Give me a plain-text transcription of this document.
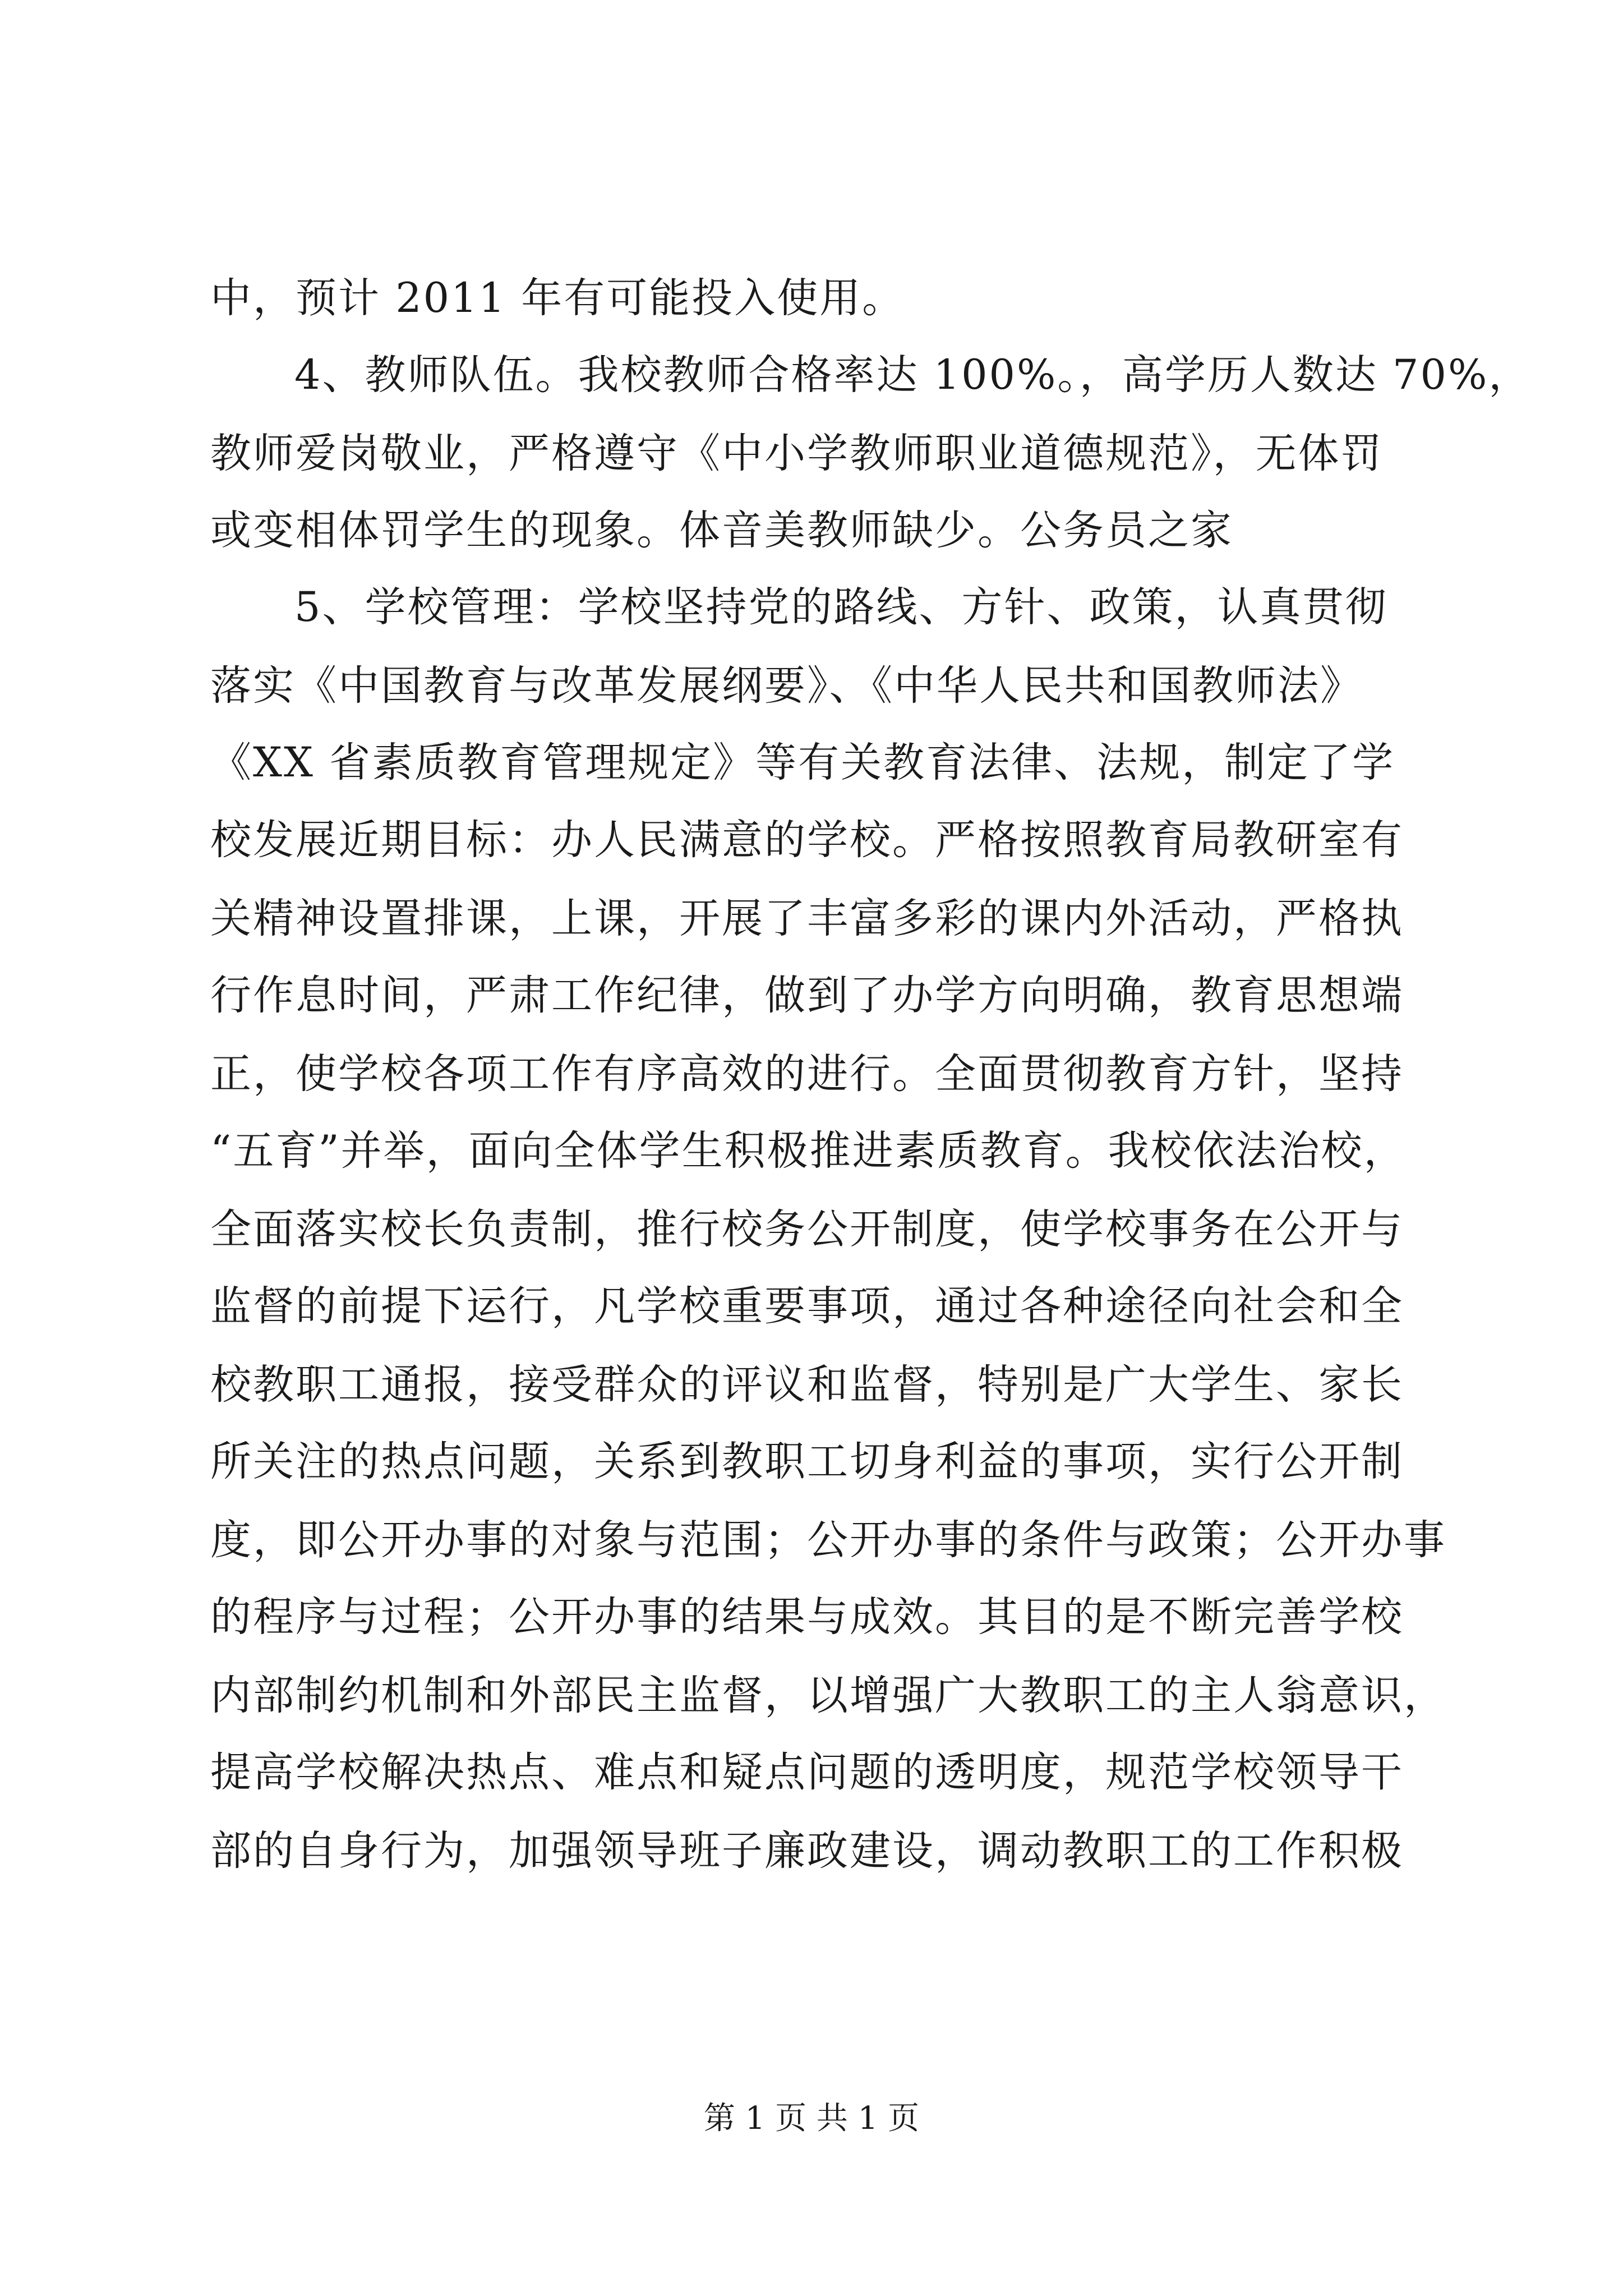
中，预计 2011 年有可能投入使用。
4、教师队伍。我校教师合格率达 100%。，高学历人数达 70%，
教师爱岗敬业，严格遵守《中小学教师职业道德规范》，无体罚
或变相体罚学生的现象。体音美教师缺少。公务员之家
5、学校管理：学校坚持党的路线、方针、政策，认真贯彻
落实《中国教育与改革发展纲要》、《中华人民共和国教师法》
《XX 省素质教育管理规定》等有关教育法律、法规，制定了学
校发展近期目标：办人民满意的学校。严格按照教育局教研室有
关精神设置排课，上课，开展了丰富多彩的课内外活动，严格执
行作息时间，严肃工作纪律，做到了办学方向明确，教育思想端
正，使学校各项工作有序高效的进行。全面贯彻教育方针，坚持
“五育”并举，面向全体学生积极推进素质教育。我校依法治校，
全面落实校长负责制，推行校务公开制度，使学校事务在公开与
监督的前提下运行，凡学校重要事项，通过各种途径向社会和全
校教职工通报，接受群众的评议和监督，特别是广大学生、家长
所关注的热点问题，关系到教职工切身利益的事项，实行公开制
度，即公开办事的对象与范围；公开办事的条件与政策；公开办事
的程序与过程；公开办事的结果与成效。其目的是不断完善学校
内部制约机制和外部民主监督，以增强广大教职工的主人翁意识，
提高学校解决热点、难点和疑点问题的透明度，规范学校领导干
部的自身行为，加强领导班子廉政建设，调动教职工的工作积极
第 1 页 共 1 页
